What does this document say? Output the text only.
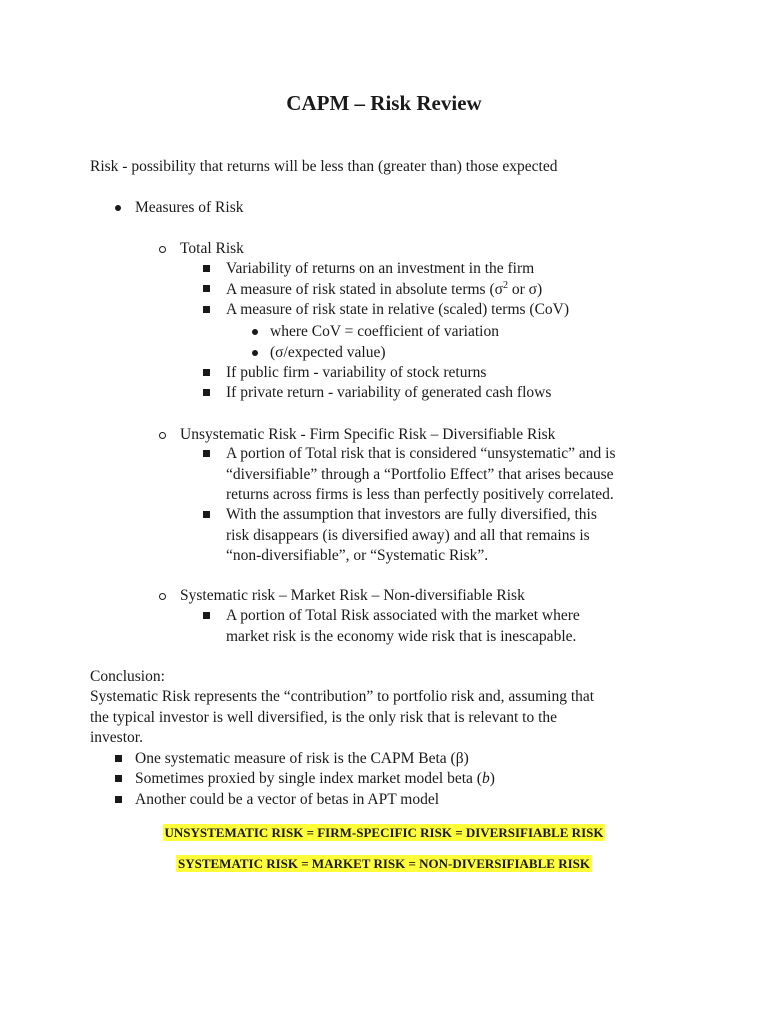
CAPM – Risk Review
Risk - possibility that returns will be less than (greater than) those expected
Measures of Risk
Total Risk
Variability of returns on an investment in the firm
A measure of risk stated in absolute terms ($\sigma^2$ or σ)
A measure of risk state in relative (scaled) terms (CoV)
where CoV = coefficient of variation
(σ/expected value)
If public firm - variability of stock returns
If private return - variability of generated cash flows
Unsystematic Risk - Firm Specific Risk – Diversifiable Risk
A portion of Total risk that is considered “unsystematic” and is
“diversifiable” through a “Portfolio Effect” that arises because
returns across firms is less than perfectly positively correlated.
With the assumption that investors are fully diversified, this
risk disappears (is diversified away) and all that remains is
“non-diversifiable”, or “Systematic Risk”.
Systematic risk – Market Risk – Non-diversifiable Risk
A portion of Total Risk associated with the market where
market risk is the economy wide risk that is inescapable.
Conclusion:
Systematic Risk represents the “contribution” to portfolio risk and, assuming that
the typical investor is well diversified, is the only risk that is relevant to the
investor.
One systematic measure of risk is the CAPM Beta (β)
Sometimes proxied by single index market model beta (b)
Another could be a vector of betas in APT model
UNSYSTEMATIC RISK = FIRM-SPECIFIC RISK = DIVERSIFIABLE RISK
SYSTEMATIC RISK = MARKET RISK = NON-DIVERSIFIABLE RISK
